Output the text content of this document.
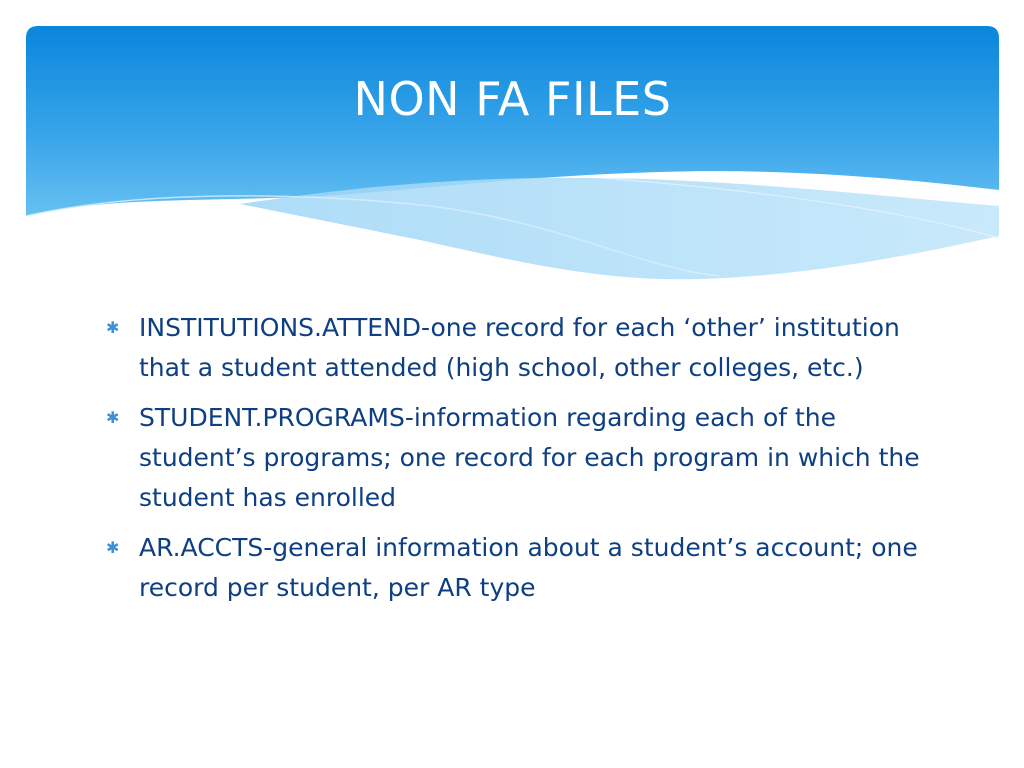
NON FA FILES
✱ INSTITUTIONS.ATTEND-one record for each ‘other’ institution that a student attended (high school, other colleges, etc.)
✱ STUDENT.PROGRAMS-information regarding each of the student’s programs; one record for each program in which the student has enrolled
✱ AR.ACCTS-general information about a student’s account; one record per student, per AR type
